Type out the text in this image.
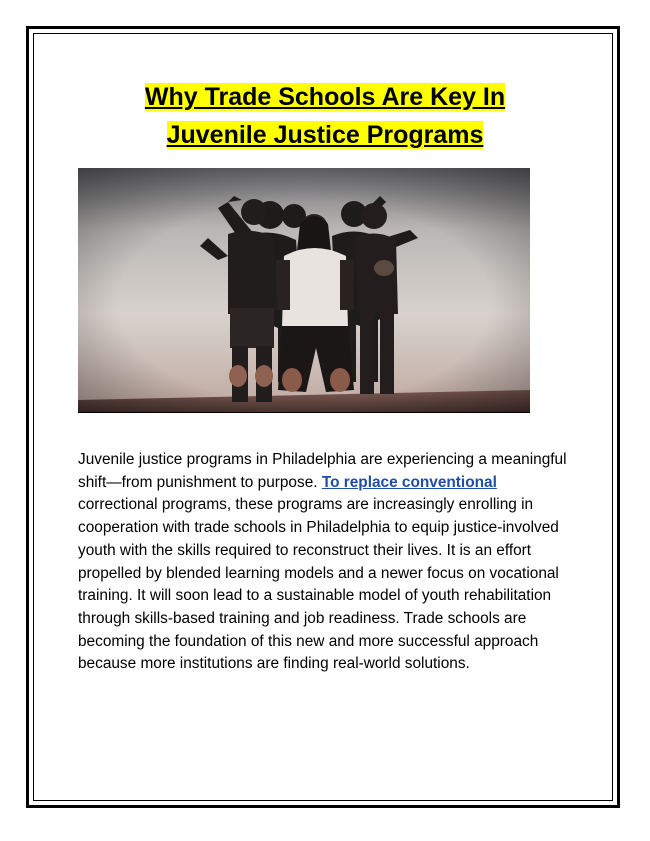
Why Trade Schools Are Key In
Juvenile Justice Programs
Juvenile justice programs in Philadelphia are experiencing a meaningful shift—from punishment to purpose. To replace conventional correctional programs, these programs are increasingly enrolling in cooperation with trade schools in Philadelphia to equip justice-involved youth with the skills required to reconstruct their lives. It is an effort propelled by blended learning models and a newer focus on vocational training. It will soon lead to a sustainable model of youth rehabilitation through skills-based training and job readiness. Trade schools are becoming the foundation of this new and more successful approach because more institutions are finding real-world solutions.
